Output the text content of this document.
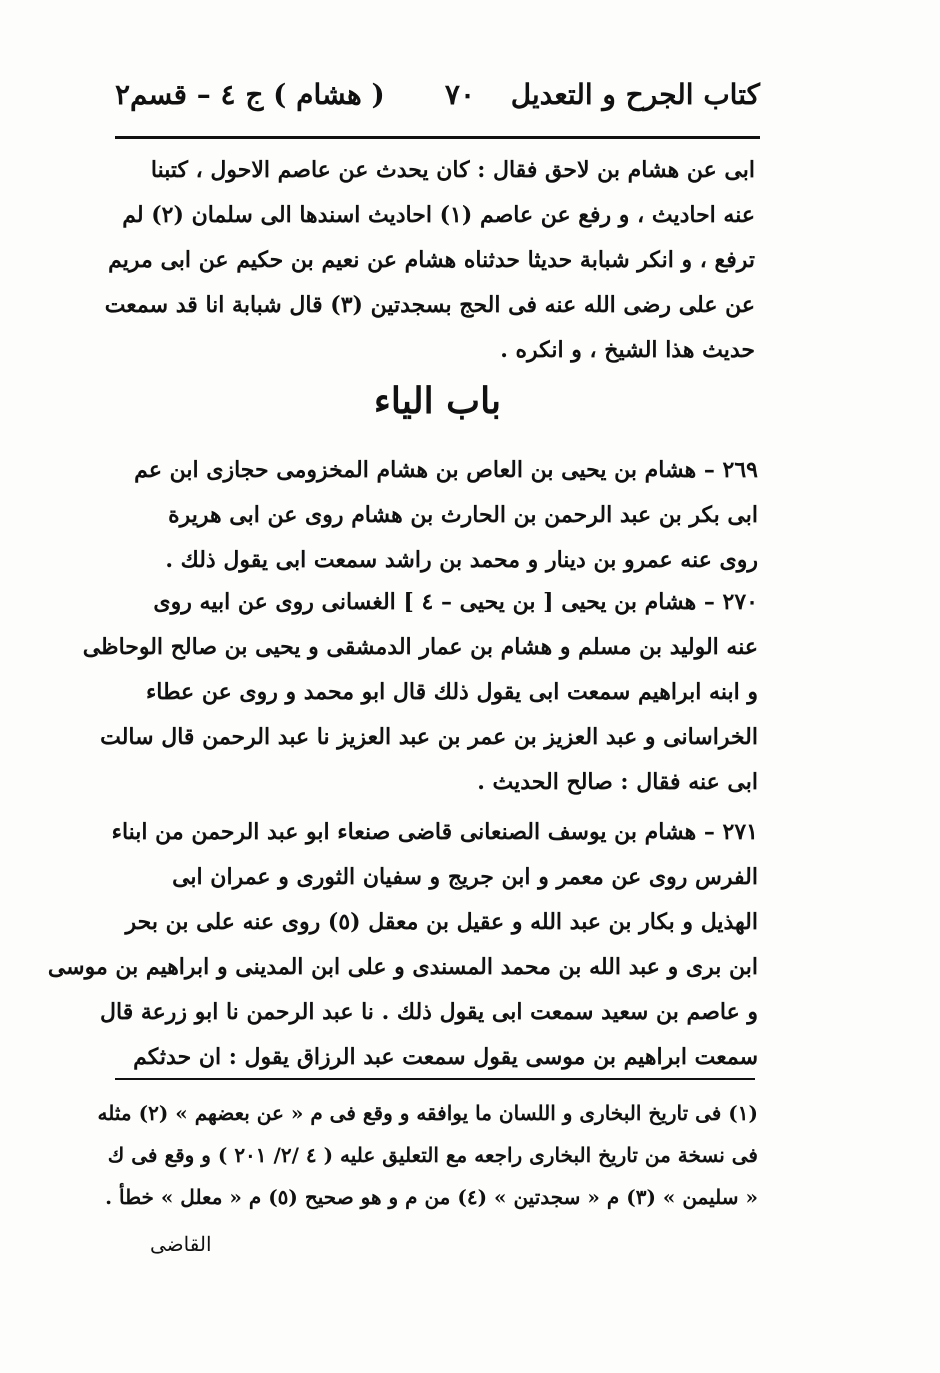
كتاب الجرح و التعديل
٧٠
( هشام ) ج ٤ – قسم٢
ابى عن هشام بن لاحق فقال : كان يحدث عن عاصم الاحول ، كتبنا
عنه احاديث ، و رفع عن عاصم (١) احاديث اسندها الى سلمان (٢) لم
ترفع ، و انكر شبابة حديثا حدثناه هشام عن نعيم بن حكيم عن ابى مريم
عن على رضى الله عنه فى الحج بسجدتين (٣) قال شبابة انا قد سمعت
حديث هذا الشيخ ، و انكره .
باب الياء
٢٦٩ – هشام بن يحيى بن العاص بن هشام المخزومى حجازى ابن عم
ابى بكر بن عبد الرحمن بن الحارث بن هشام روى عن ابى هريرة
روى عنه عمرو بن دينار و محمد بن راشد سمعت ابى يقول ذلك .
٢٧٠ – هشام بن يحيى [ بن يحيى – ٤ ] الغسانى روى عن ابيه روى
عنه الوليد بن مسلم و هشام بن عمار الدمشقى و يحيى بن صالح الوحاظى
و ابنه ابراهيم سمعت ابى يقول ذلك قال ابو محمد و روى عن عطاء
الخراسانى و عبد العزيز بن عمر بن عبد العزيز نا عبد الرحمن قال سالت
ابى عنه فقال : صالح الحديث .
٢٧١ – هشام بن يوسف الصنعانى قاضى صنعاء ابو عبد الرحمن من ابناء
الفرس روى عن معمر و ابن جريج و سفيان الثورى و عمران ابى
الهذيل و بكار بن عبد الله و عقيل بن معقل (٥) روى عنه على بن بحر
ابن برى و عبد الله بن محمد المسندى و على ابن المدينى و ابراهيم بن موسى
و عاصم بن سعيد سمعت ابى يقول ذلك . نا عبد الرحمن نا ابو زرعة قال
سمعت ابراهيم بن موسى يقول سمعت عبد الرزاق يقول : ان حدثكم
(١) فى تاريخ البخارى و اللسان ما يوافقه و وقع فى م « عن بعضهم » (٢) مثله
فى نسخة من تاريخ البخارى راجعه مع التعليق عليه ( ٤ /٢/ ٢٠١ ) و وقع فى ك
« سليمن » (٣) م « سجدتين » (٤) من م و هو صحيح (٥) م « معلل » خطأ .
القاضى
